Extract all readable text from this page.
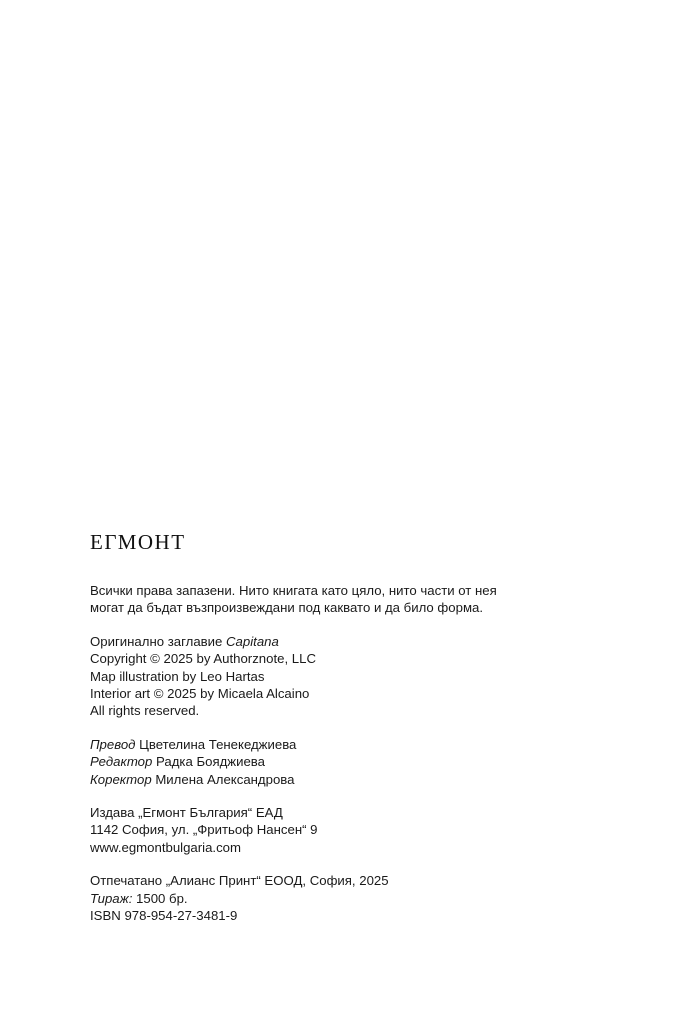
ЕГМОНТ
Всички права запазени. Нито книгата като цяло, нито части от нея
могат да бъдат възпроизвеждани под каквато и да било форма.
Оригинално заглавие Capitana
Copyright © 2025 by Authorznote, LLC
Map illustration by Leo Hartas
Interior art © 2025 by Micaela Alcaino
All rights reserved.
Превод Цветелина Тенекеджиева
Редактор Радка Бояджиева
Коректор Милена Александрова
Издава „Егмонт България“ ЕАД
1142 София, ул. „Фритьоф Нансен“ 9
www.egmontbulgaria.com
Отпечатано „Алианс Принт“ ЕООД, София, 2025
Тираж: 1500 бр.
ISBN 978-954-27-3481-9
